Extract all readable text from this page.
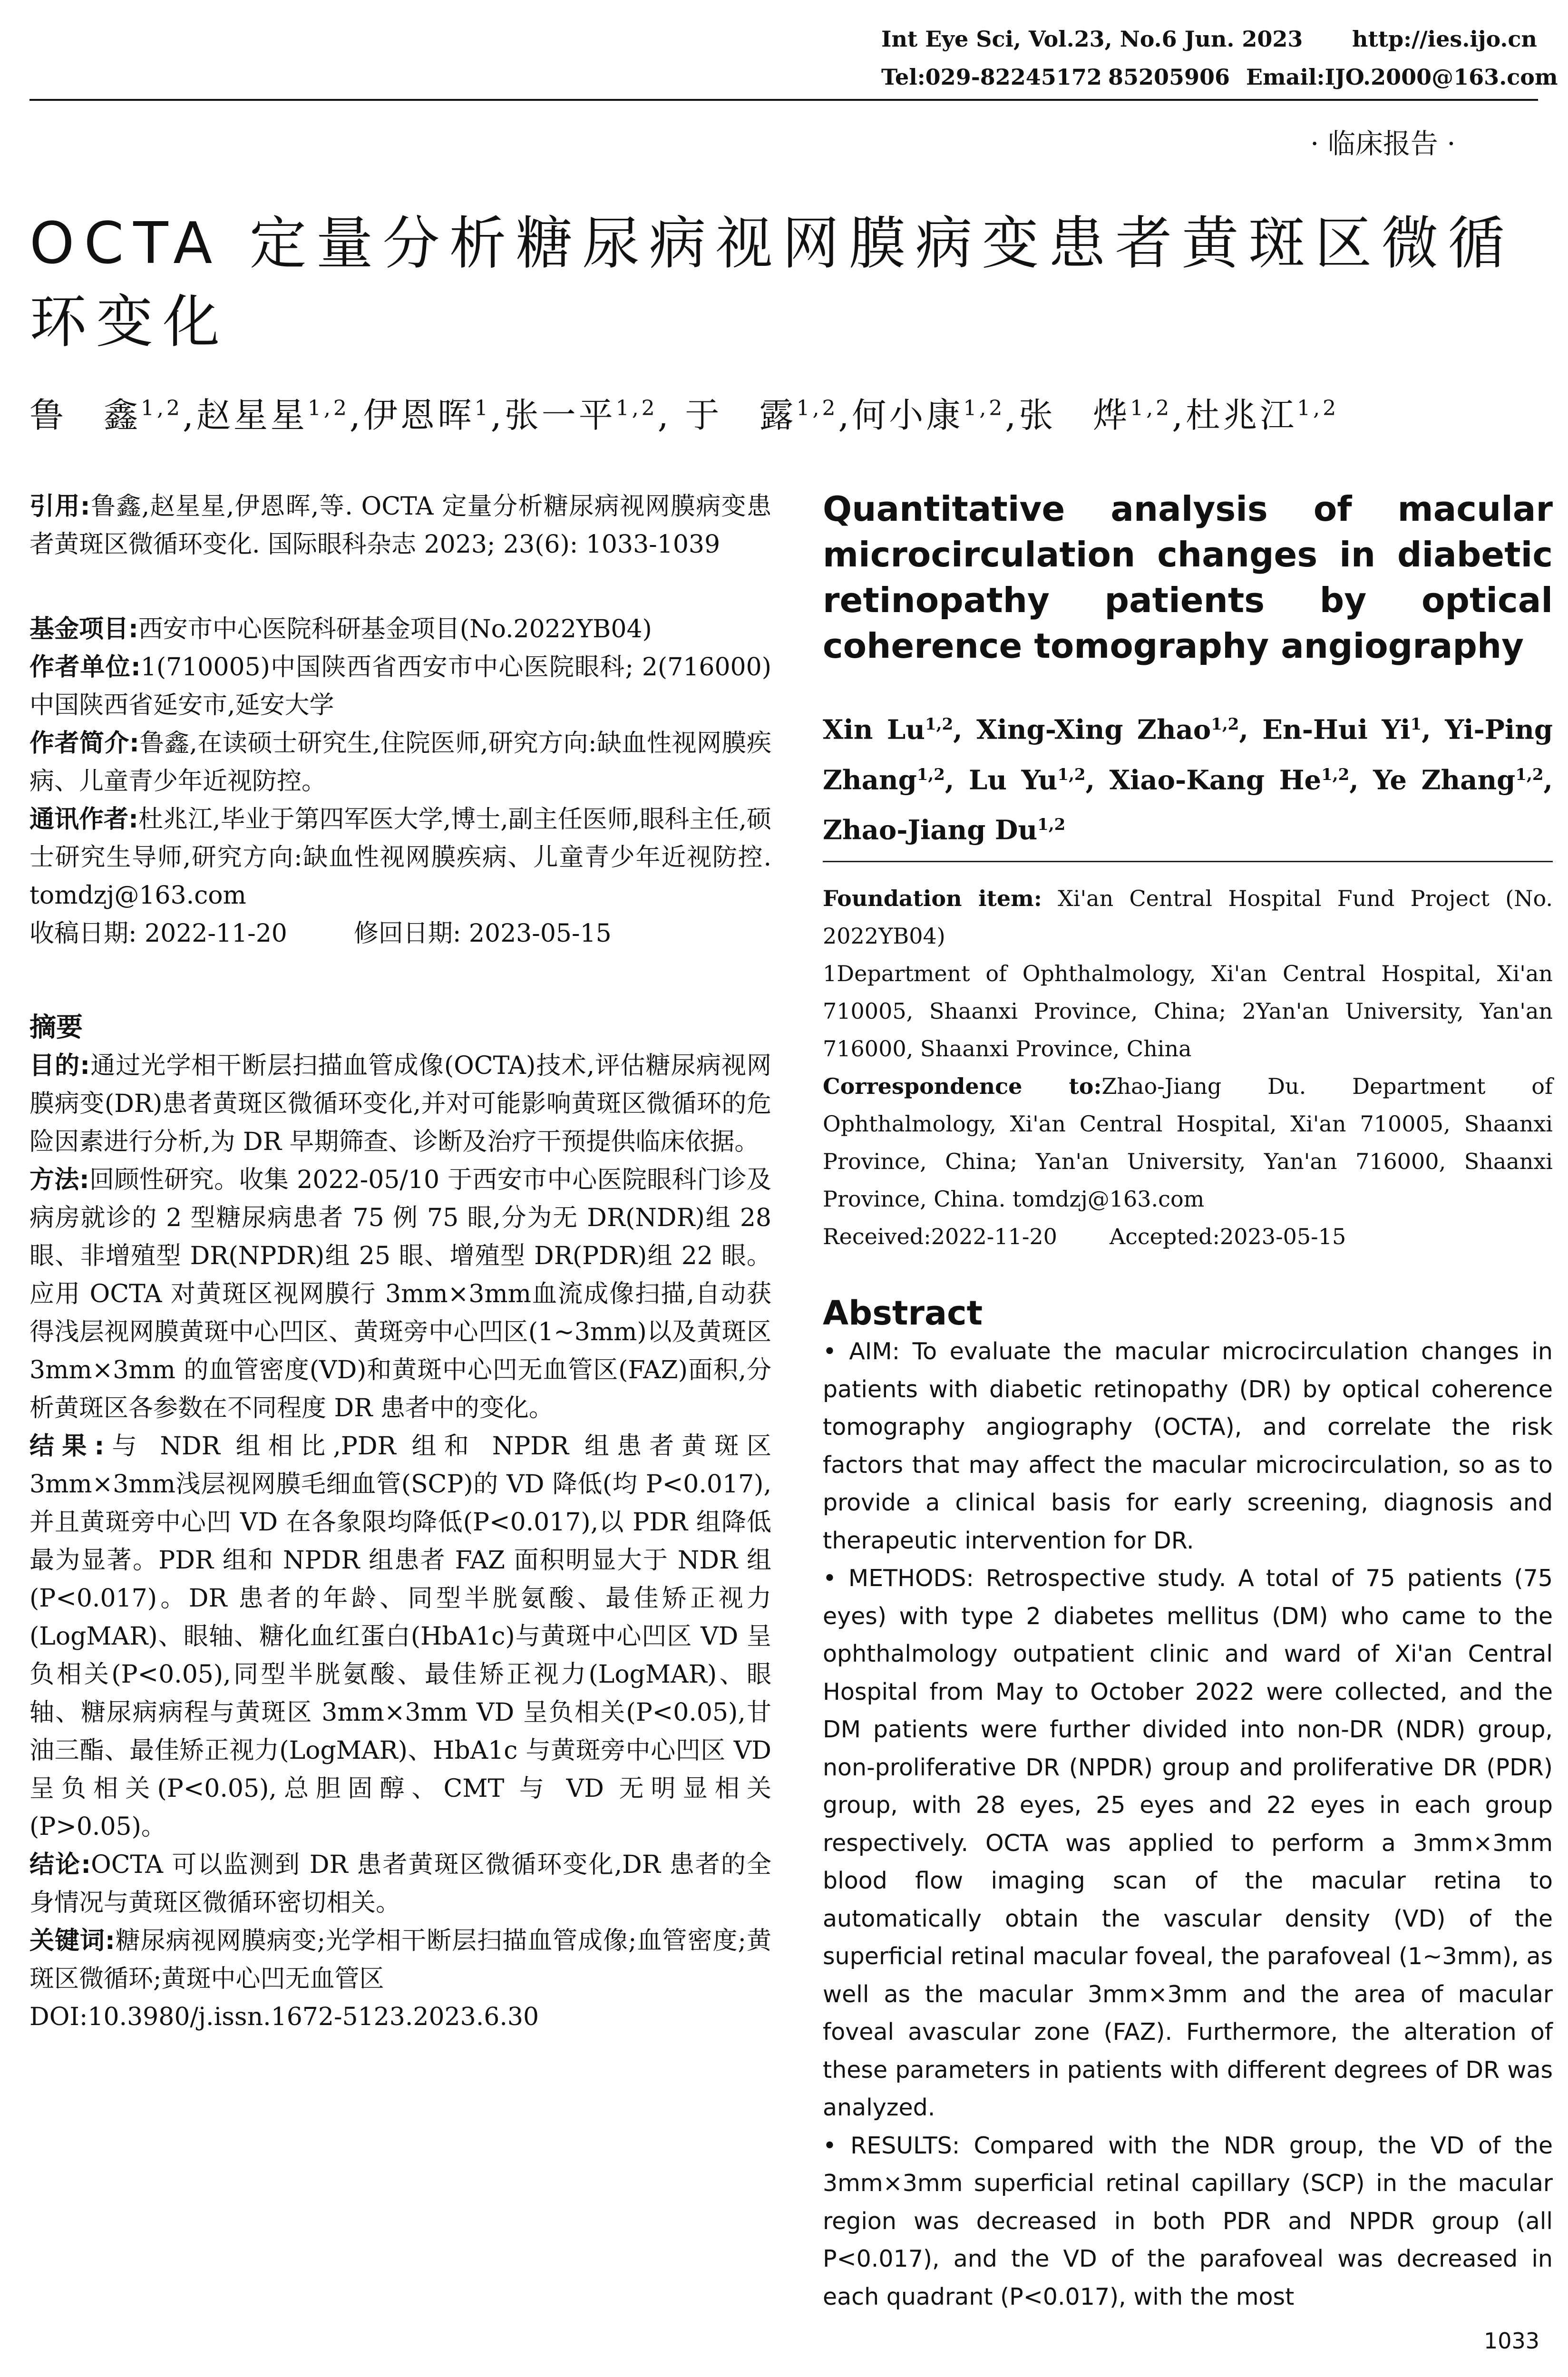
Int Eye Sci, Vol.23, No.6 Jun. 2023 http://ies.ijo.cn
Tel:029-82245172 85205906 Email:IJO.2000@163.com
· 临床报告 ·
OCTA 定量分析糖尿病视网膜病变患者黄斑区微循环变化
鲁　鑫$^{1,2}$,赵星星$^{1,2}$,伊恩晖$^1$,张一平$^{1,2}$, 于　露$^{1,2}$,何小康$^{1,2}$,张　烨$^{1,2}$,杜兆江$^{1,2}$

引用:鲁鑫,赵星星,伊恩晖,等. OCTA 定量分析糖尿病视网膜病变患者黄斑区微循环变化. 国际眼科杂志 2023; 23(6): 1033-1039

基金项目:西安市中心医院科研基金项目(No.2022YB04)

作者单位:1(710005)中国陕西省西安市中心医院眼科; 2(716000)中国陕西省延安市,延安大学

作者简介:鲁鑫,在读硕士研究生,住院医师,研究方向:缺血性视网膜疾病、儿童青少年近视防控。

通讯作者:杜兆江,毕业于第四军医大学,博士,副主任医师,眼科主任,硕士研究生导师,研究方向:缺血性视网膜疾病、儿童青少年近视防控. tomdzj@163.com

收稿日期: 2022-11-20	修回日期: 2023-05-15

摘要

目的:通过光学相干断层扫描血管成像(OCTA)技术,评估糖尿病视网膜病变(DR)患者黄斑区微循环变化,并对可能影响黄斑区微循环的危险因素进行分析,为 DR 早期筛查、诊断及治疗干预提供临床依据。

方法:回顾性研究。收集 2022-05/10 于西安市中心医院眼科门诊及病房就诊的 2 型糖尿病患者 75 例 75 眼,分为无 DR(NDR)组 28 眼、非增殖型 DR(NPDR)组 25 眼、增殖型 DR(PDR)组 22 眼。应用 OCTA 对黄斑区视网膜行 3mm×3mm血流成像扫描,自动获得浅层视网膜黄斑中心凹区、黄斑旁中心凹区(1~3mm)以及黄斑区 3mm×3mm 的血管密度(VD)和黄斑中心凹无血管区(FAZ)面积,分析黄斑区各参数在不同程度 DR 患者中的变化。

结果:与 NDR 组相比,PDR 组和 NPDR 组患者黄斑区 3mm×3mm浅层视网膜毛细血管(SCP)的 VD 降低(均 P<0.017),并且黄斑旁中心凹 VD 在各象限均降低(P<0.017),以 PDR 组降低最为显著。PDR 组和 NPDR 组患者 FAZ 面积明显大于 NDR 组(P<0.017)。DR 患者的年龄、同型半胱氨酸、最佳矫正视力(LogMAR)、眼轴、糖化血红蛋白(HbA1c)与黄斑中心凹区 VD 呈负相关(P<0.05),同型半胱氨酸、最佳矫正视力(LogMAR)、眼轴、糖尿病病程与黄斑区 3mm×3mm VD 呈负相关(P<0.05),甘油三酯、最佳矫正视力(LogMAR)、HbA1c 与黄斑旁中心凹区 VD 呈负相关(P<0.05),总胆固醇、CMT 与 VD 无明显相关(P>0.05)。

结论:OCTA 可以监测到 DR 患者黄斑区微循环变化,DR 患者的全身情况与黄斑区微循环密切相关。

关键词:糖尿病视网膜病变;光学相干断层扫描血管成像;血管密度;黄斑区微循环;黄斑中心凹无血管区

DOI:10.3980/j.issn.1672-5123.2023.6.30

Quantitative analysis of macular microcirculation changes in diabetic retinopathy patients by optical coherence tomography angiography

Xin Lu$^{1,2}$, Xing-Xing Zhao$^{1,2}$, En-Hui Yi$^1$, Yi-Ping Zhang$^{1,2}$, Lu Yu$^{1,2}$, Xiao-Kang He$^{1,2}$, Ye Zhang$^{1,2}$, Zhao-Jiang Du$^{1,2}$

Foundation item: Xi'an Central Hospital Fund Project (No. 2022YB04)

1Department of Ophthalmology, Xi'an Central Hospital, Xi'an 710005, Shaanxi Province, China; 2Yan'an University, Yan'an 716000, Shaanxi Province, China

Correspondence to:Zhao-Jiang Du. Department of Ophthalmology, Xi'an Central Hospital, Xi'an 710005, Shaanxi Province, China; Yan'an University, Yan'an 716000, Shaanxi Province, China. tomdzj@163.com

Received:2022-11-20 Accepted:2023-05-15

Abstract

• AIM: To evaluate the macular microcirculation changes in patients with diabetic retinopathy (DR) by optical coherence tomography angiography (OCTA), and correlate the risk factors that may affect the macular microcirculation, so as to provide a clinical basis for early screening, diagnosis and therapeutic intervention for DR.

• METHODS: Retrospective study. A total of 75 patients (75 eyes) with type 2 diabetes mellitus (DM) who came to the ophthalmology outpatient clinic and ward of Xi'an Central Hospital from May to October 2022 were collected, and the DM patients were further divided into non-DR (NDR) group, non-proliferative DR (NPDR) group and proliferative DR (PDR) group, with 28 eyes, 25 eyes and 22 eyes in each group respectively. OCTA was applied to perform a 3mm×3mm blood flow imaging scan of the macular retina to automatically obtain the vascular density (VD) of the superficial retinal macular foveal, the parafoveal (1~3mm), as well as the macular 3mm×3mm and the area of macular foveal avascular zone (FAZ). Furthermore, the alteration of these parameters in patients with different degrees of DR was analyzed.

• RESULTS: Compared with the NDR group, the VD of the 3mm×3mm superficial retinal capillary (SCP) in the macular region was decreased in both PDR and NPDR group (all P<0.017), and the VD of the parafoveal was decreased in each quadrant (P<0.017), with the most

1033
